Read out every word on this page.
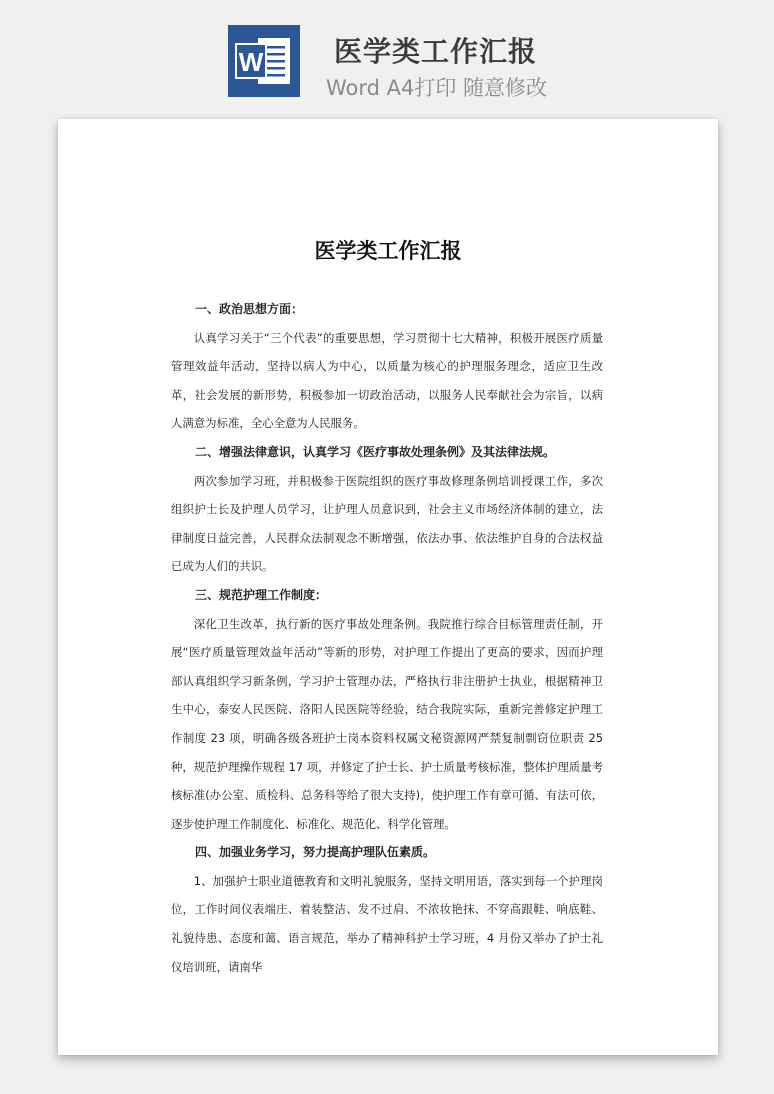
W	医学类工作汇报
Word A4打印 随意修改
医学类工作汇报

一、政治思想方面：

认真学习关于“三个代表”的重要思想，学习贯彻十七大精神，积极开展医疗质量管理效益年活动，坚持以病人为中心，以质量为核心的护理服务理念，适应卫生改革，社会发展的新形势，积极参加一切政治活动，以服务人民奉献社会为宗旨，以病人满意为标准，全心全意为人民服务。

二、增强法律意识，认真学习《医疗事故处理条例》及其法律法规。

两次参加学习班，并积极参于医院组织的医疗事故修理条例培训授课工作，多次组织护士长及护理人员学习，让护理人员意识到，社会主义市场经济体制的建立，法律制度日益完善，人民群众法制观念不断增强，依法办事、依法维护自身的合法权益已成为人们的共识。

三、规范护理工作制度：

深化卫生改革，执行新的医疗事故处理条例。我院推行综合目标管理责任制，开展“医疗质量管理效益年活动”等新的形势，对护理工作提出了更高的要求，因而护理部认真组织学习新条例，学习护士管理办法，严格执行非注册护士执业，根据精神卫生中心，泰安人民医院、洛阳人民医院等经验，结合我院实际，重新完善修定护理工作制度 23 项，明确各级各班护士岗本资料权属文秘资源网严禁复制剽窃位职责 25 种，规范护理操作规程 17 项，并修定了护士长、护士质量考核标准，整体护理质量考核标准(办公室、质检科、总务科等给了很大支持)，使护理工作有章可循、有法可依，逐步使护理工作制度化、标准化、规范化、科学化管理。

四、加强业务学习，努力提高护理队伍素质。

1、加强护士职业道德教育和文明礼貌服务，坚持文明用语，落实到每一个护理岗位，工作时间仪表端庄、着装整洁、发不过肩、不浓妆艳抹、不穿高跟鞋、响底鞋、礼貌待患、态度和蔼、语言规范，举办了精神科护士学习班，4 月份又举办了护士礼仪培训班，请南华
